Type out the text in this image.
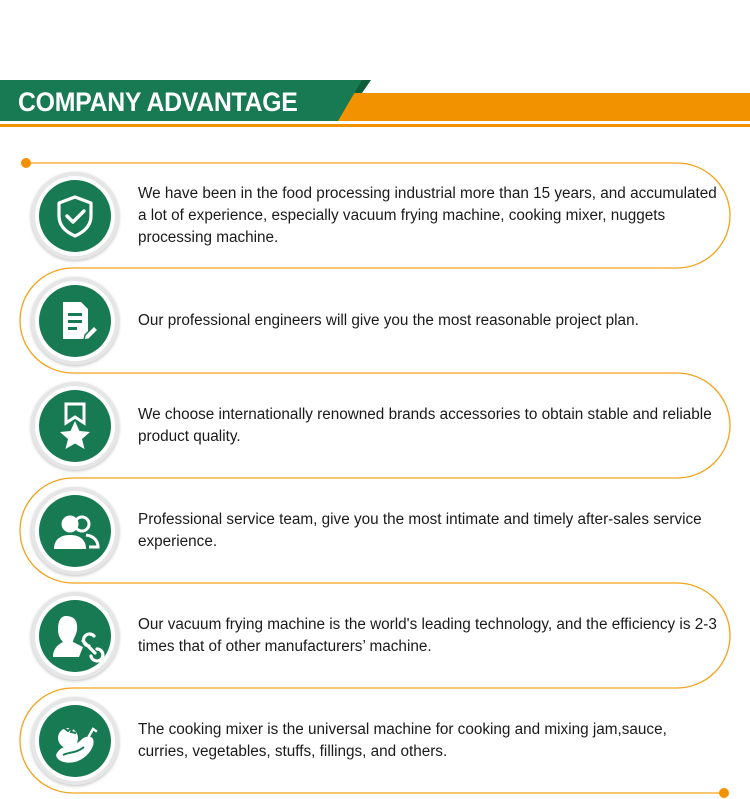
COMPANY ADVANTAGE
We have been in the food processing industrial more than 15 years, and accumulated a lot of experience, especially vacuum frying machine, cooking mixer, nuggets processing machine.
Our professional engineers will give you the most reasonable project plan.
We choose internationally renowned brands accessories to obtain stable and reliable product quality.
Professional service team, give you the most intimate and timely after-sales service experience.
Our vacuum frying machine is the world's leading technology, and the efficiency is 2-3 times that of other manufacturers’ machine.
The cooking mixer is the universal machine for cooking and mixing jam,sauce, curries, vegetables, stuffs, fillings, and others.
